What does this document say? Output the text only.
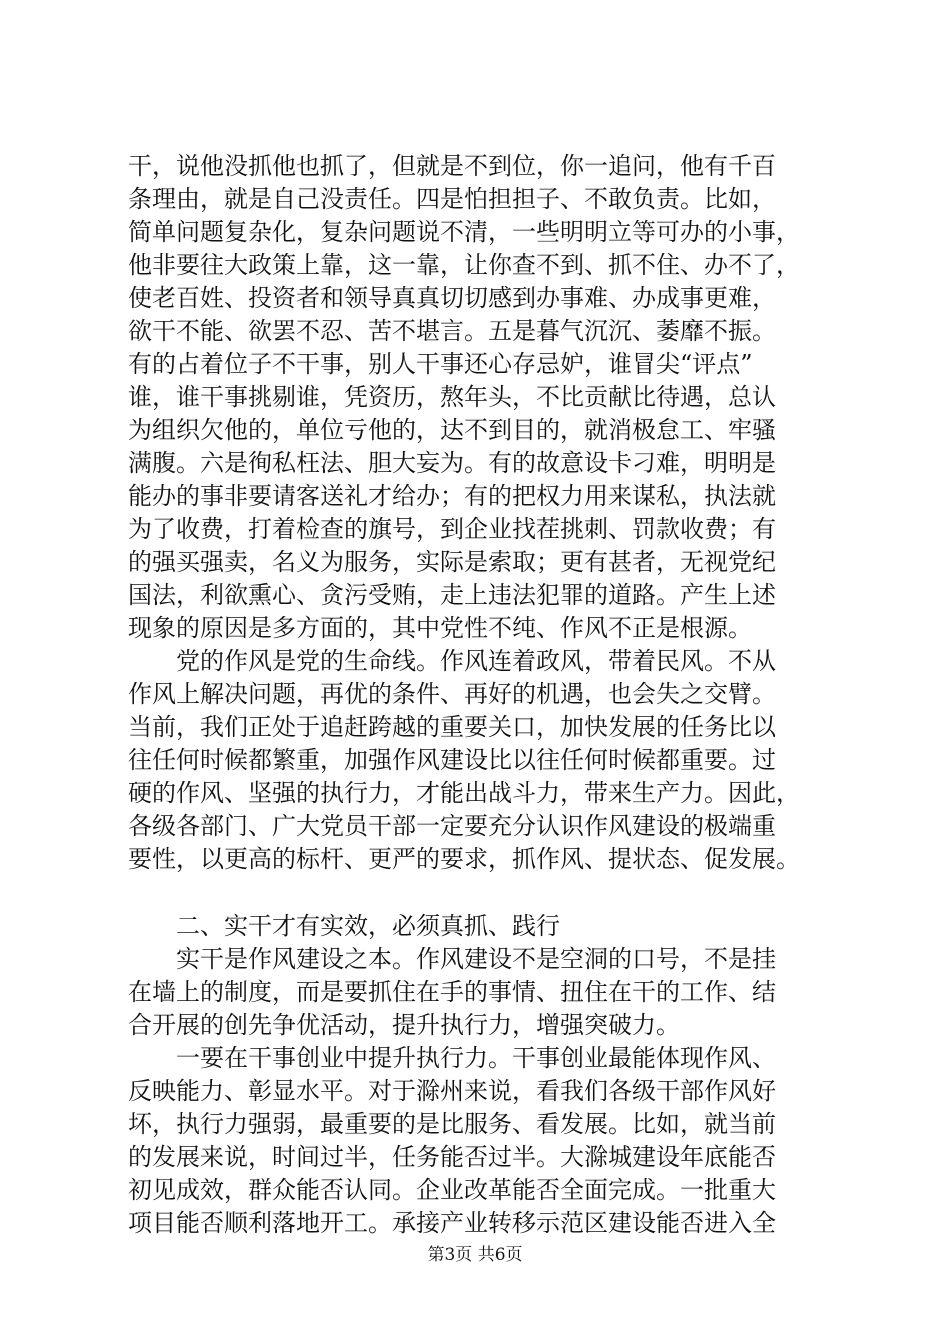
干，说他没抓他也抓了，但就是不到位，你一追问，他有千百
条理由，就是自己没责任。四是怕担担子、不敢负责。比如，
简单问题复杂化，复杂问题说不清，一些明明立等可办的小事，
他非要往大政策上靠，这一靠，让你查不到、抓不住、办不了，
使老百姓、投资者和领导真真切切感到办事难、办成事更难，
欲干不能、欲罢不忍、苦不堪言。五是暮气沉沉、萎靡不振。
有的占着位子不干事，别人干事还心存忌妒，谁冒尖“评点”
谁，谁干事挑剔谁，凭资历，熬年头，不比贡献比待遇，总认
为组织欠他的，单位亏他的，达不到目的，就消极怠工、牢骚
满腹。六是徇私枉法、胆大妄为。有的故意设卡刁难，明明是
能办的事非要请客送礼才给办；有的把权力用来谋私，执法就
为了收费，打着检查的旗号，到企业找茬挑刺、罚款收费；有
的强买强卖，名义为服务，实际是索取；更有甚者，无视党纪
国法，利欲熏心、贪污受贿，走上违法犯罪的道路。产生上述
现象的原因是多方面的，其中党性不纯、作风不正是根源。
　　党的作风是党的生命线。作风连着政风，带着民风。不从
作风上解决问题，再优的条件、再好的机遇，也会失之交臂。
当前，我们正处于追赶跨越的重要关口，加快发展的任务比以
往任何时候都繁重，加强作风建设比以往任何时候都重要。过
硬的作风、坚强的执行力，才能出战斗力，带来生产力。因此，
各级各部门、广大党员干部一定要充分认识作风建设的极端重
要性，以更高的标杆、更严的要求，抓作风、提状态、促发展。
　　二、实干才有实效，必须真抓、践行
　　实干是作风建设之本。作风建设不是空洞的口号，不是挂
在墙上的制度，而是要抓住在手的事情、扭住在干的工作、结
合开展的创先争优活动，提升执行力，增强突破力。
　　一要在干事创业中提升执行力。干事创业最能体现作风、
反映能力、彰显水平。对于滁州来说，看我们各级干部作风好
坏，执行力强弱，最重要的是比服务、看发展。比如，就当前
的发展来说，时间过半，任务能否过半。大滁城建设年底能否
初见成效，群众能否认同。企业改革能否全面完成。一批重大
项目能否顺利落地开工。承接产业转移示范区建设能否进入全
第3页 共6页
